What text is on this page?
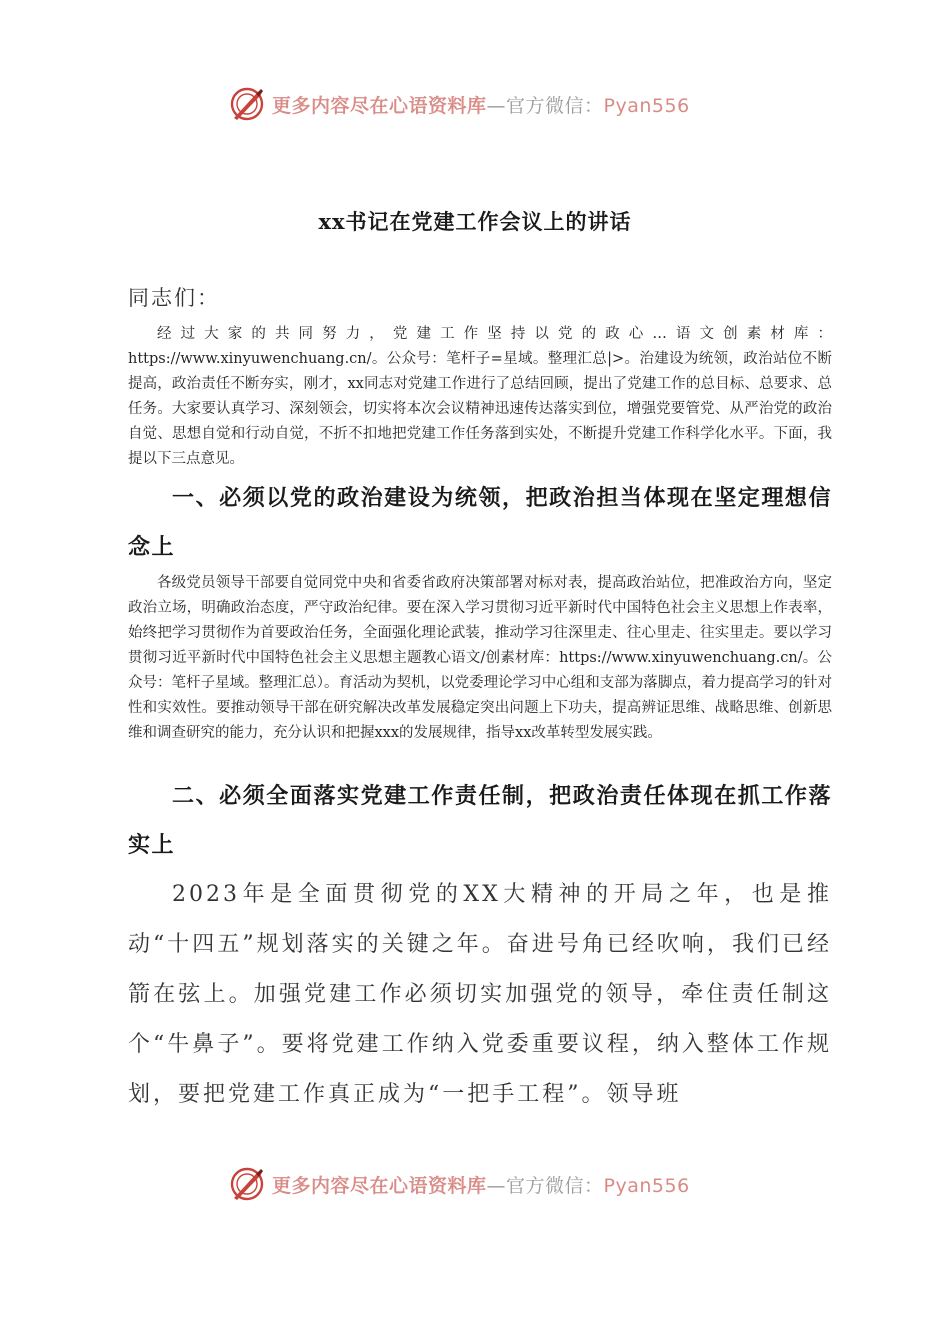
更多内容尽在心语资料库—官方微信：Pyan556
xx书记在党建工作会议上的讲话
同志们：

经过大家的共同努力，党建工作坚持以党的政心…语文创素材库：https://www.xinyuwenchuang.cn/。公众号：笔杆子=星域。整理汇总|>。治建设为统领，政治站位不断提高，政治责任不断夯实，刚才，xx同志对党建工作进行了总结回顾，提出了党建工作的总目标、总要求、总任务。大家要认真学习、深刻领会，切实将本次会议精神迅速传达落实到位，增强党要管党、从严治党的政治自觉、思想自觉和行动自觉，不折不扣地把党建工作任务落到实处，不断提升党建工作科学化水平。下面，我提以下三点意见。

一、必须以党的政治建设为统领，把政治担当体现在坚定理想信念上

各级党员领导干部要自觉同党中央和省委省政府决策部署对标对表，提高政治站位，把准政治方向，坚定政治立场，明确政治态度，严守政治纪律。要在深入学习贯彻习近平新时代中国特色社会主义思想上作表率，始终把学习贯彻作为首要政治任务，全面强化理论武装，推动学习往深里走、往心里走、往实里走。要以学习贯彻习近平新时代中国特色社会主义思想主题教心语文/创素材库：https://www.xinyuwenchuang.cn/。公众号：笔杆子星域。整理汇总）。育活动为契机，以党委理论学习中心组和支部为落脚点，着力提高学习的针对性和实效性。要推动领导干部在研究解决改革发展稳定突出问题上下功夫，提高辨证思维、战略思维、创新思维和调查研究的能力，充分认识和把握xxx的发展规律，指导xx改革转型发展实践。

二、必须全面落实党建工作责任制，把政治责任体现在抓工作落实上

2023年是全面贯彻党的XX大精神的开局之年，也是推动“十四五”规划落实的关键之年。奋进号角已经吹响，我们已经箭在弦上。加强党建工作必须切实加强党的领导，牵住责任制这个“牛鼻子”。要将党建工作纳入党委重要议程，纳入整体工作规划，要把党建工作真正成为“一把手工程”。领导班

更多内容尽在心语资料库—官方微信：Pyan556
